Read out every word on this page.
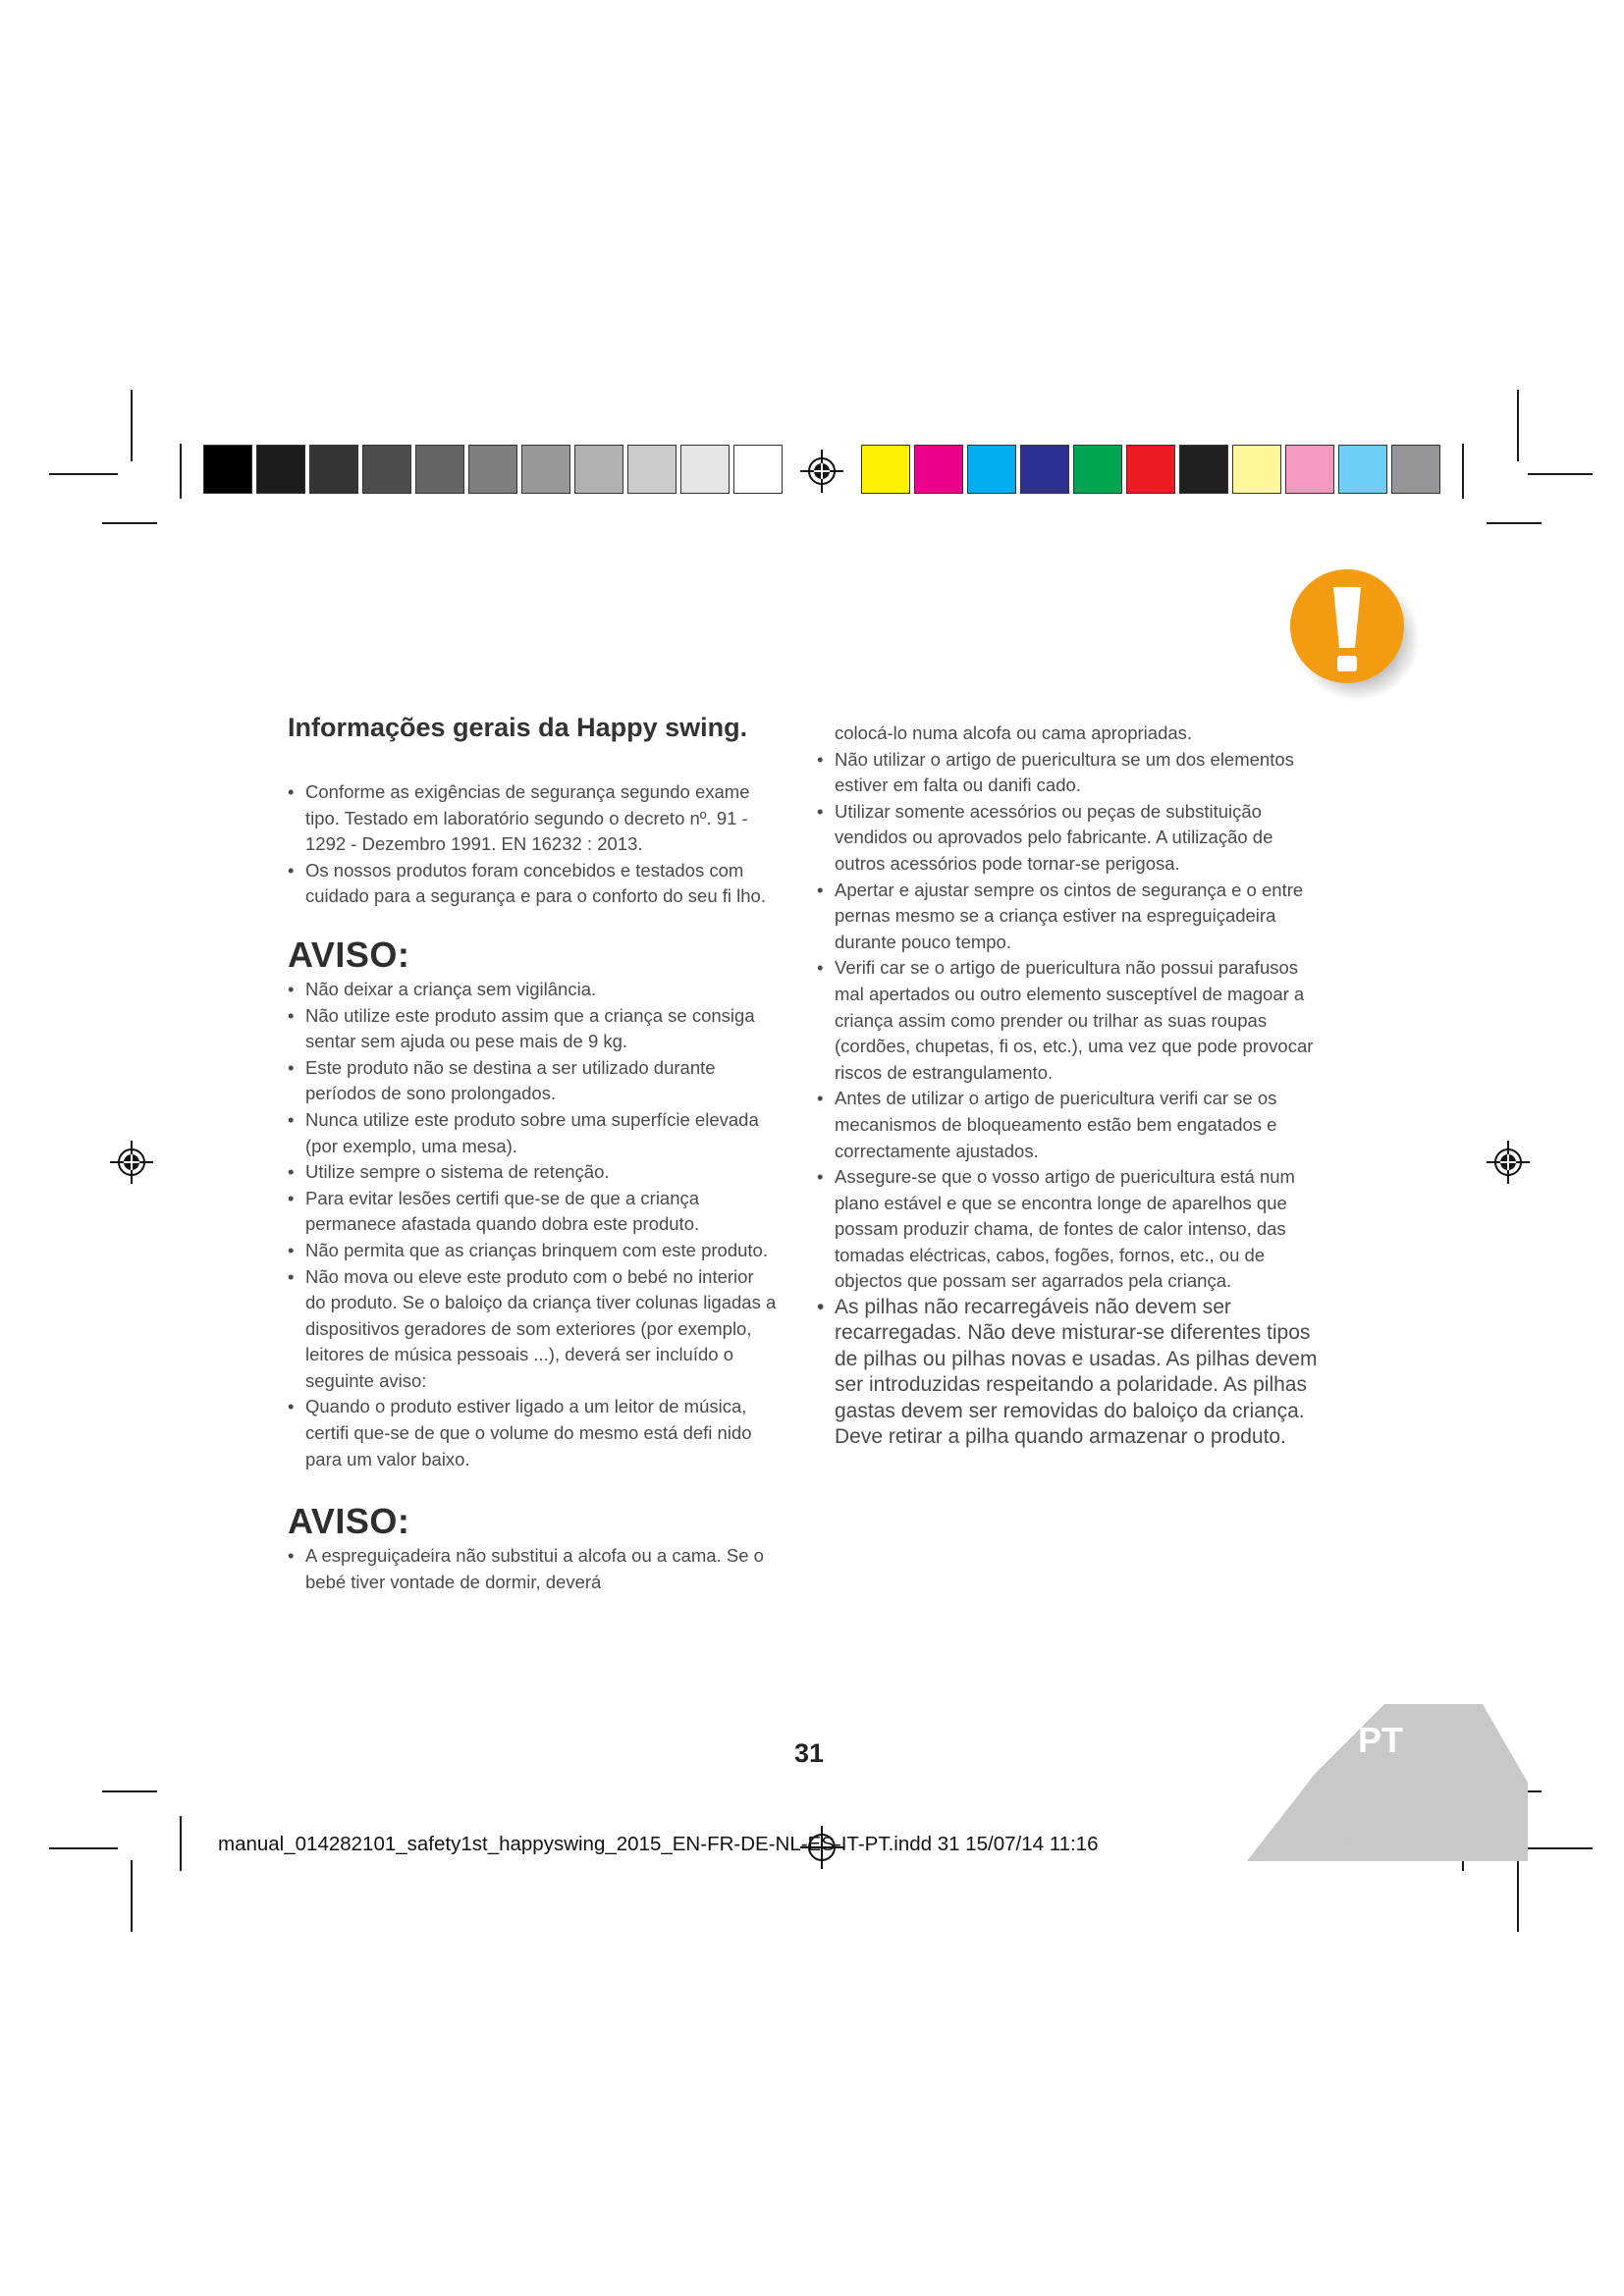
Informações gerais da Happy swing.
• Conforme as exigências de segurança segundo exame tipo. Testado em laboratório segundo o decreto nº. 91 - 1292 - Dezembro 1991. EN 16232 : 2013.
• Os nossos produtos foram concebidos e testados com cuidado para a segurança e para o conforto do seu fi lho.
AVISO:
• Não deixar a criança sem vigilância.
• Não utilize este produto assim que a criança se consiga sentar sem ajuda ou pese mais de 9 kg.
• Este produto não se destina a ser utilizado durante períodos de sono prolongados.
• Nunca utilize este produto sobre uma superfície elevada (por exemplo, uma mesa).
• Utilize sempre o sistema de retenção.
• Para evitar lesões certifi que-se de que a criança permanece afastada quando dobra este produto.
• Não permita que as crianças brinquem com este produto.
• Não mova ou eleve este produto com o bebé no interior do produto. Se o baloiço da criança tiver colunas ligadas a dispositivos geradores de som exteriores (por exemplo, leitores de música pessoais ...), deverá ser incluído o seguinte aviso:
• Quando o produto estiver ligado a um leitor de música, certifi que-se de que o volume do mesmo está defi nido para um valor baixo.
AVISO:
• A espreguiçadeira não substitui a alcofa ou a cama. Se o bebé tiver vontade de dormir, deverá

colocá-lo numa alcofa ou cama apropriadas.

• Não utilizar o artigo de puericultura se um dos elementos estiver em falta ou danifi cado.
• Utilizar somente acessórios ou peças de substituição vendidos ou aprovados pelo fabricante. A utilização de outros acessórios pode tornar-se perigosa.
• Apertar e ajustar sempre os cintos de segurança e o entre pernas mesmo se a criança estiver na espreguiçadeira durante pouco tempo.
• Verifi car se o artigo de puericultura não possui parafusos mal apertados ou outro elemento susceptível de magoar a criança assim como prender ou trilhar as suas roupas (cordões, chupetas, fi os, etc.), uma vez que pode provocar riscos de estrangulamento.
• Antes de utilizar o artigo de puericultura verifi car se os mecanismos de bloqueamento estão bem engatados e correctamente ajustados.
• Assegure-se que o vosso artigo de puericultura está num plano estável e que se encontra longe de aparelhos que possam produzir chama, de fontes de calor intenso, das tomadas eléctricas, cabos, fogões, fornos, etc., ou de objectos que possam ser agarrados pela criança.
• As pilhas não recarregáveis não devem ser recarregadas. Não deve misturar-se diferentes tipos de pilhas ou pilhas novas e usadas. As pilhas devem ser introduzidas respeitando a polaridade. As pilhas gastas devem ser removidas do baloiço da criança. Deve retirar a pilha quando armazenar o produto.
31	PT
manual_014282101_safety1st_happyswing_2015_EN-FR-DE-NL-ES-IT-PT.indd 31 15/07/14 11:16	15/07/14 11:18
